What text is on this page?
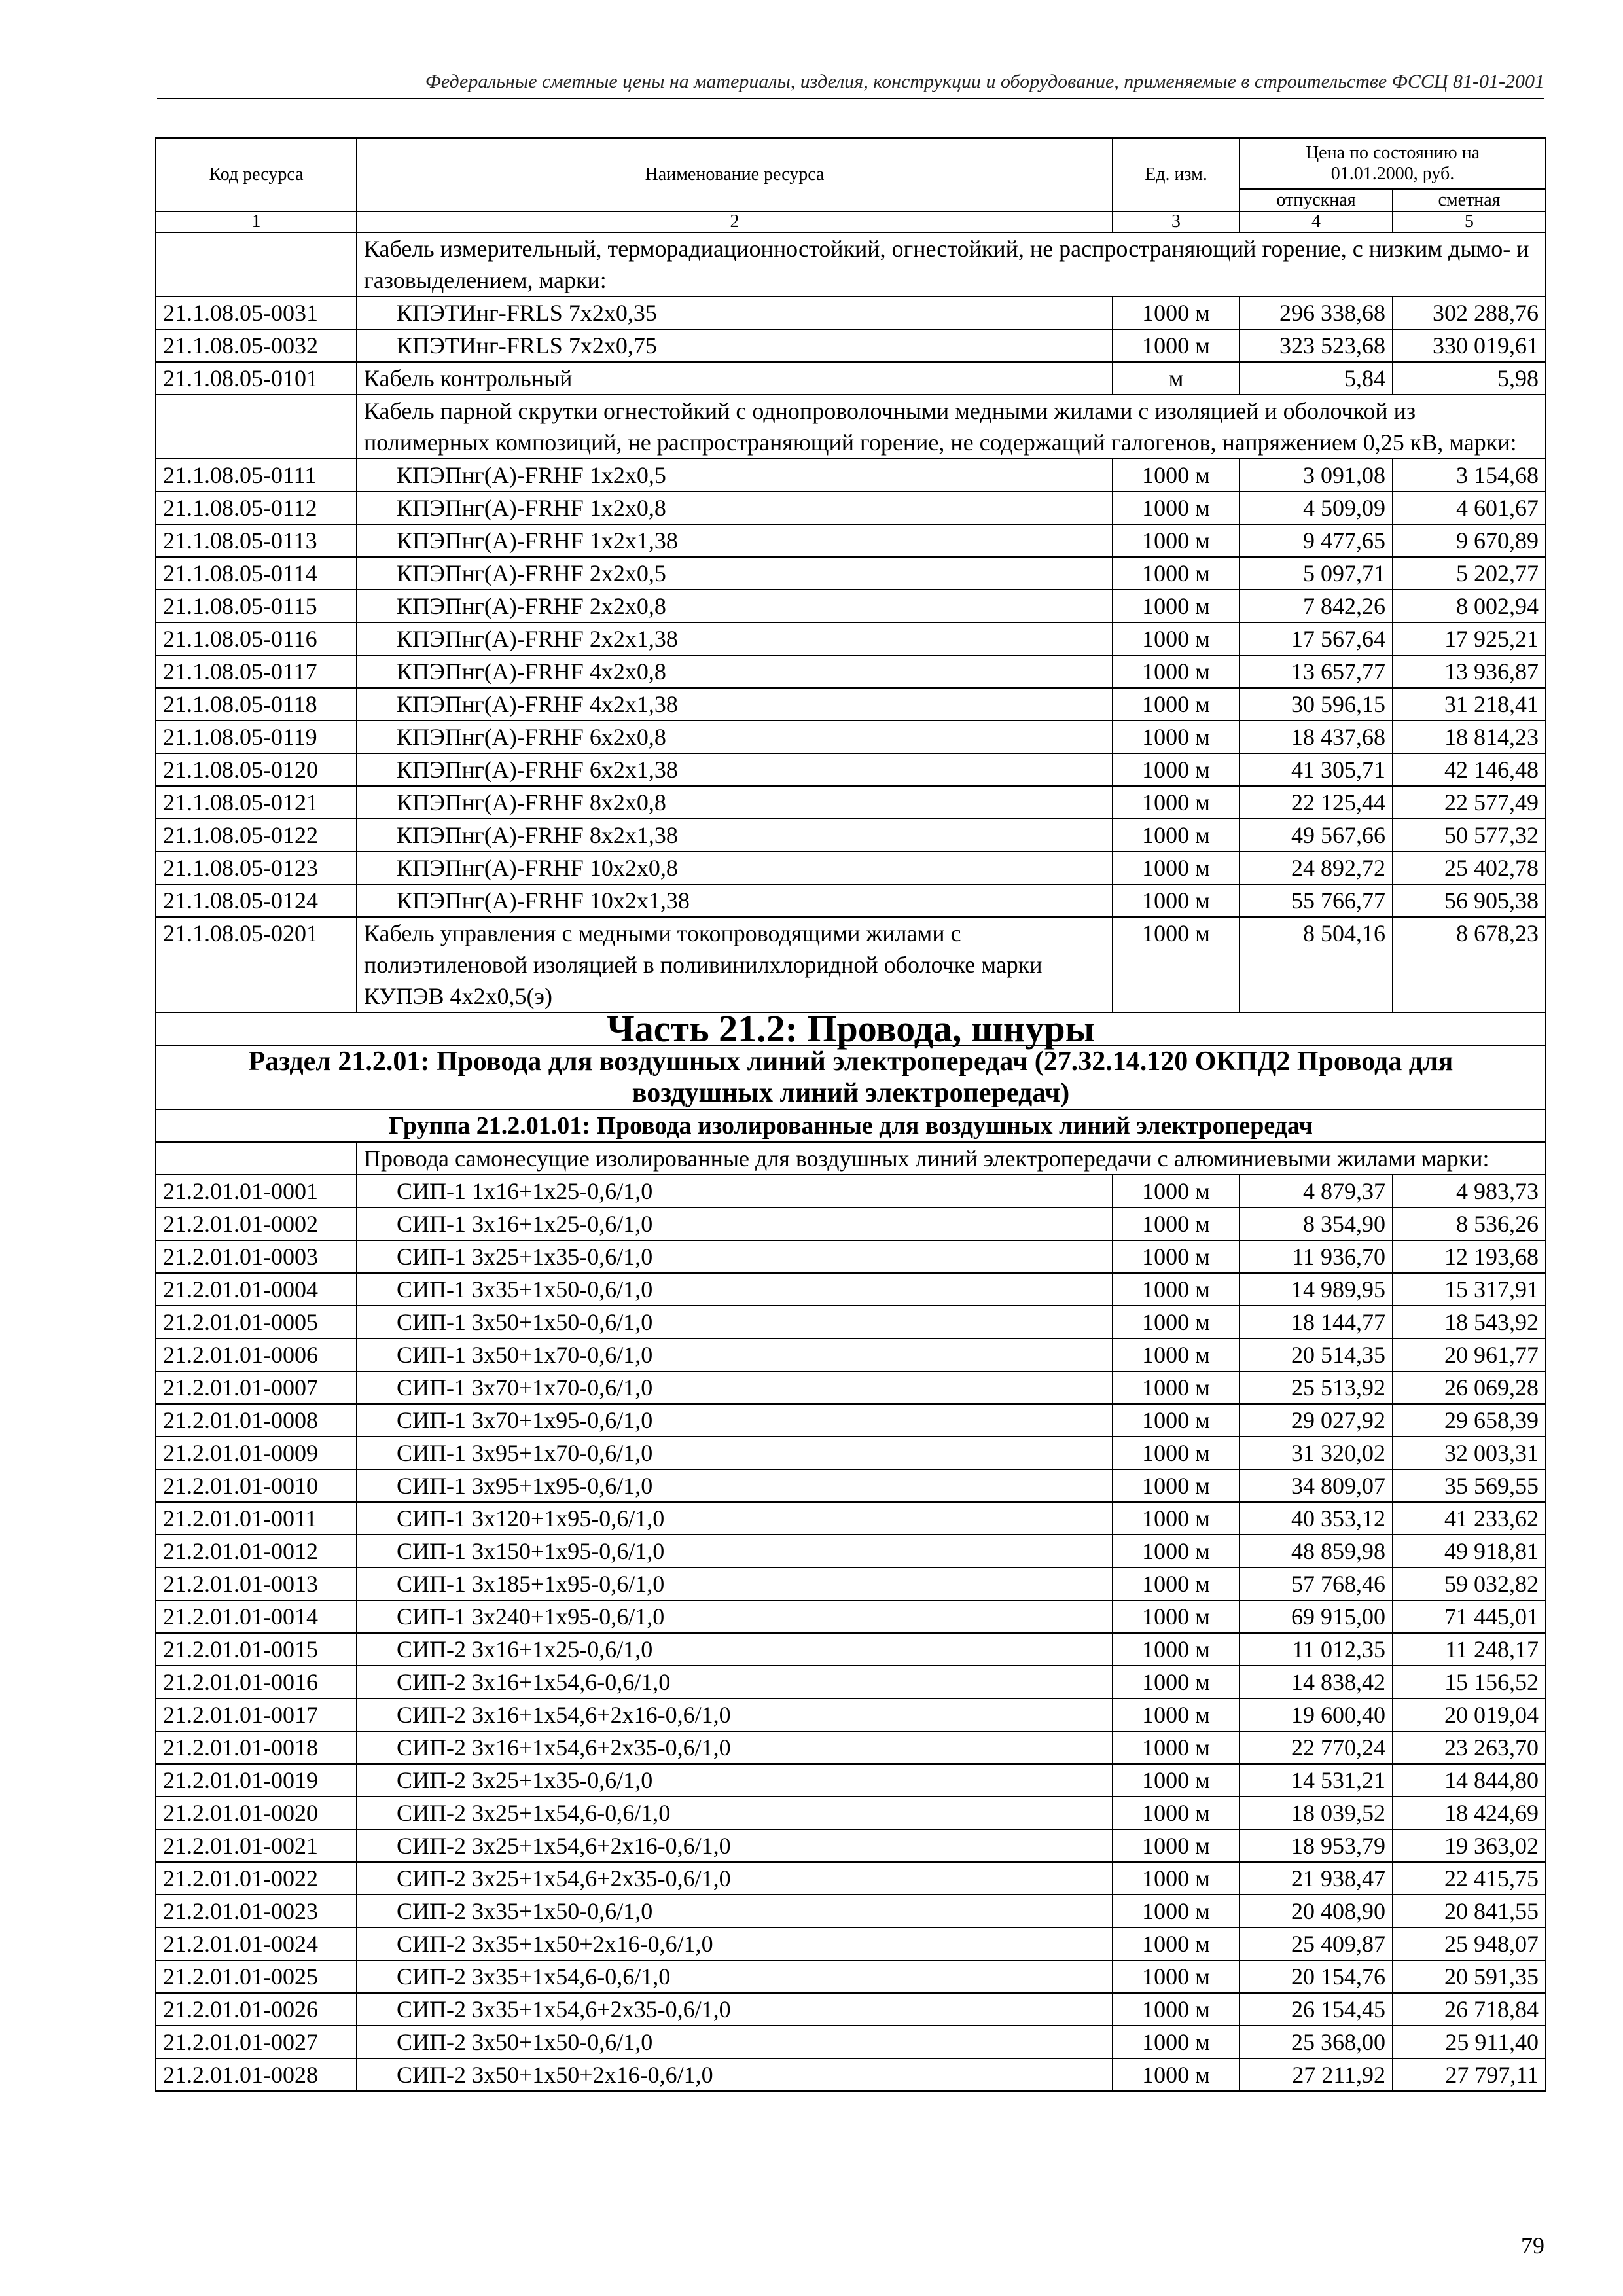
Федеральные сметные цены на материалы, изделия, конструкции и оборудование, применяемые в строительстве ФССЦ 81-01-2001
Код ресурса	Наименование ресурса	Ед. изм.	Цена по состоянию на 01.01.2000, руб.	
			отпускная	сметная
1	2	3	4	5
	Кабель измерительный, терморадиационностойкий, огнестойкий, не распространяющий горение, с низким дымо- и газовыделением, марки:			
21.1.08.05-0031	КПЭТИнг-FRLS 7х2х0,35	1000 м	296 338,68	302 288,76
21.1.08.05-0032	КПЭТИнг-FRLS 7х2х0,75	1000 м	323 523,68	330 019,61
21.1.08.05-0101	Кабель контрольный	м	5,84	5,98
	Кабель парной скрутки огнестойкий с однопроволочными медными жилами с изоляцией и оболочкой из полимерных композиций, не распространяющий горение, не содержащий галогенов, напряжением 0,25 кВ, марки:			
21.1.08.05-0111	КПЭПнг(А)-FRHF 1х2х0,5	1000 м	3 091,08	3 154,68
21.1.08.05-0112	КПЭПнг(А)-FRHF 1х2х0,8	1000 м	4 509,09	4 601,67
21.1.08.05-0113	КПЭПнг(А)-FRHF 1х2х1,38	1000 м	9 477,65	9 670,89
21.1.08.05-0114	КПЭПнг(А)-FRHF 2х2х0,5	1000 м	5 097,71	5 202,77
21.1.08.05-0115	КПЭПнг(А)-FRHF 2х2х0,8	1000 м	7 842,26	8 002,94
21.1.08.05-0116	КПЭПнг(А)-FRHF 2х2х1,38	1000 м	17 567,64	17 925,21
21.1.08.05-0117	КПЭПнг(А)-FRHF 4х2х0,8	1000 м	13 657,77	13 936,87
21.1.08.05-0118	КПЭПнг(А)-FRHF 4х2х1,38	1000 м	30 596,15	31 218,41
21.1.08.05-0119	КПЭПнг(А)-FRHF 6х2х0,8	1000 м	18 437,68	18 814,23
21.1.08.05-0120	КПЭПнг(А)-FRHF 6х2х1,38	1000 м	41 305,71	42 146,48
21.1.08.05-0121	КПЭПнг(А)-FRHF 8х2х0,8	1000 м	22 125,44	22 577,49
21.1.08.05-0122	КПЭПнг(А)-FRHF 8х2х1,38	1000 м	49 567,66	50 577,32
21.1.08.05-0123	КПЭПнг(А)-FRHF 10х2х0,8	1000 м	24 892,72	25 402,78
21.1.08.05-0124	КПЭПнг(А)-FRHF 10х2х1,38	1000 м	55 766,77	56 905,38
21.1.08.05-0201	Кабель управления с медными токопроводящими жилами с полиэтиленовой изоляцией в поливинилхлоридной оболочке марки КУПЭВ 4х2х0,5(э)	1000 м	8 504,16	8 678,23
Часть 21.2: Провода, шнуры				
Раздел 21.2.01: Провода для воздушных линий электропередач (27.32.14.120 ОКПД2 Провода для воздушных линий электропередач)				
Группа 21.2.01.01: Провода изолированные для воздушных линий электропередач				
	Провода самонесущие изолированные для воздушных линий электропередачи с алюминиевыми жилами марки:			
21.2.01.01-0001	СИП-1 1х16+1х25-0,6/1,0	1000 м	4 879,37	4 983,73
21.2.01.01-0002	СИП-1 3х16+1х25-0,6/1,0	1000 м	8 354,90	8 536,26
21.2.01.01-0003	СИП-1 3х25+1х35-0,6/1,0	1000 м	11 936,70	12 193,68
21.2.01.01-0004	СИП-1 3х35+1х50-0,6/1,0	1000 м	14 989,95	15 317,91
21.2.01.01-0005	СИП-1 3х50+1х50-0,6/1,0	1000 м	18 144,77	18 543,92
21.2.01.01-0006	СИП-1 3х50+1х70-0,6/1,0	1000 м	20 514,35	20 961,77
21.2.01.01-0007	СИП-1 3х70+1х70-0,6/1,0	1000 м	25 513,92	26 069,28
21.2.01.01-0008	СИП-1 3х70+1х95-0,6/1,0	1000 м	29 027,92	29 658,39
21.2.01.01-0009	СИП-1 3х95+1х70-0,6/1,0	1000 м	31 320,02	32 003,31
21.2.01.01-0010	СИП-1 3х95+1х95-0,6/1,0	1000 м	34 809,07	35 569,55
21.2.01.01-0011	СИП-1 3х120+1х95-0,6/1,0	1000 м	40 353,12	41 233,62
21.2.01.01-0012	СИП-1 3х150+1х95-0,6/1,0	1000 м	48 859,98	49 918,81
21.2.01.01-0013	СИП-1 3х185+1х95-0,6/1,0	1000 м	57 768,46	59 032,82
21.2.01.01-0014	СИП-1 3х240+1х95-0,6/1,0	1000 м	69 915,00	71 445,01
21.2.01.01-0015	СИП-2 3х16+1х25-0,6/1,0	1000 м	11 012,35	11 248,17
21.2.01.01-0016	СИП-2 3х16+1х54,6-0,6/1,0	1000 м	14 838,42	15 156,52
21.2.01.01-0017	СИП-2 3х16+1х54,6+2х16-0,6/1,0	1000 м	19 600,40	20 019,04
21.2.01.01-0018	СИП-2 3х16+1х54,6+2х35-0,6/1,0	1000 м	22 770,24	23 263,70
21.2.01.01-0019	СИП-2 3х25+1х35-0,6/1,0	1000 м	14 531,21	14 844,80
21.2.01.01-0020	СИП-2 3х25+1х54,6-0,6/1,0	1000 м	18 039,52	18 424,69
21.2.01.01-0021	СИП-2 3х25+1х54,6+2х16-0,6/1,0	1000 м	18 953,79	19 363,02
21.2.01.01-0022	СИП-2 3х25+1х54,6+2х35-0,6/1,0	1000 м	21 938,47	22 415,75
21.2.01.01-0023	СИП-2 3х35+1х50-0,6/1,0	1000 м	20 408,90	20 841,55
21.2.01.01-0024	СИП-2 3х35+1х50+2х16-0,6/1,0	1000 м	25 409,87	25 948,07
21.2.01.01-0025	СИП-2 3х35+1х54,6-0,6/1,0	1000 м	20 154,76	20 591,35
21.2.01.01-0026	СИП-2 3х35+1х54,6+2х35-0,6/1,0	1000 м	26 154,45	26 718,84
21.2.01.01-0027	СИП-2 3х50+1х50-0,6/1,0	1000 м	25 368,00	25 911,40
21.2.01.01-0028	СИП-2 3х50+1х50+2х16-0,6/1,0	1000 м	27 211,92	27 797,11
79
